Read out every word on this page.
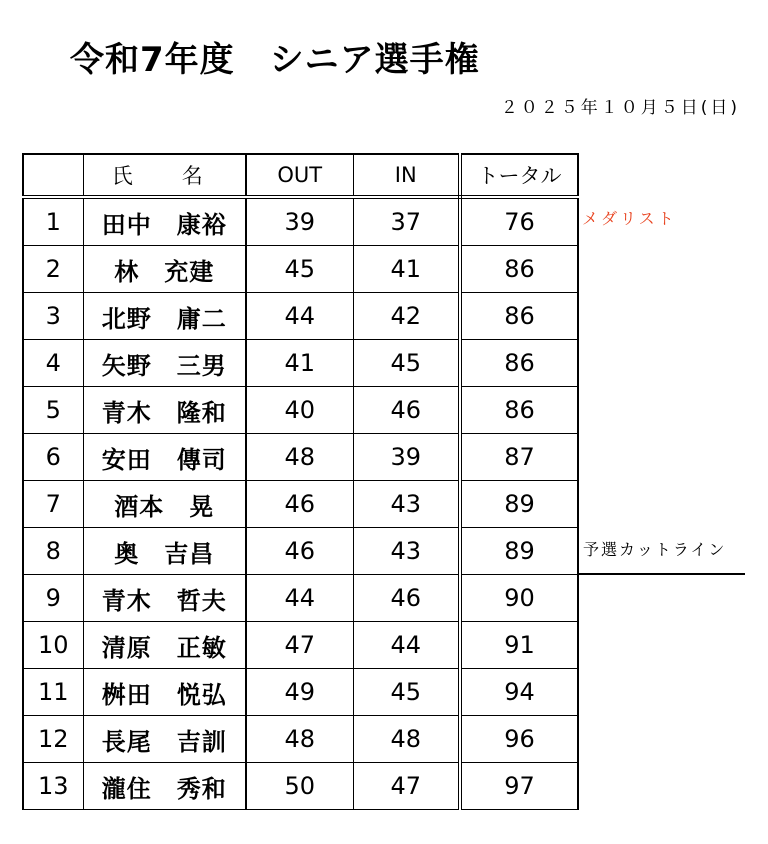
令和7年度　シニア選手権
２０２５年１０月５日(日)
	氏　名	OUT	IN	トータル
1	田中　康裕	39	37	76
2	林　充建	45	41	86
3	北野　庸二	44	42	86
4	矢野　三男	41	45	86
5	青木　隆和	40	46	86
6	安田　傳司	48	39	87
7	酒本　晃	46	43	89
8	奥　吉昌	46	43	89
9	青木　哲夫	44	46	90
10	清原　正敏	47	44	91
11	桝田　悦弘	49	45	94
12	長尾　吉訓	48	48	96
13	瀧住　秀和	50	47	97
メダリスト
予選カットライン
